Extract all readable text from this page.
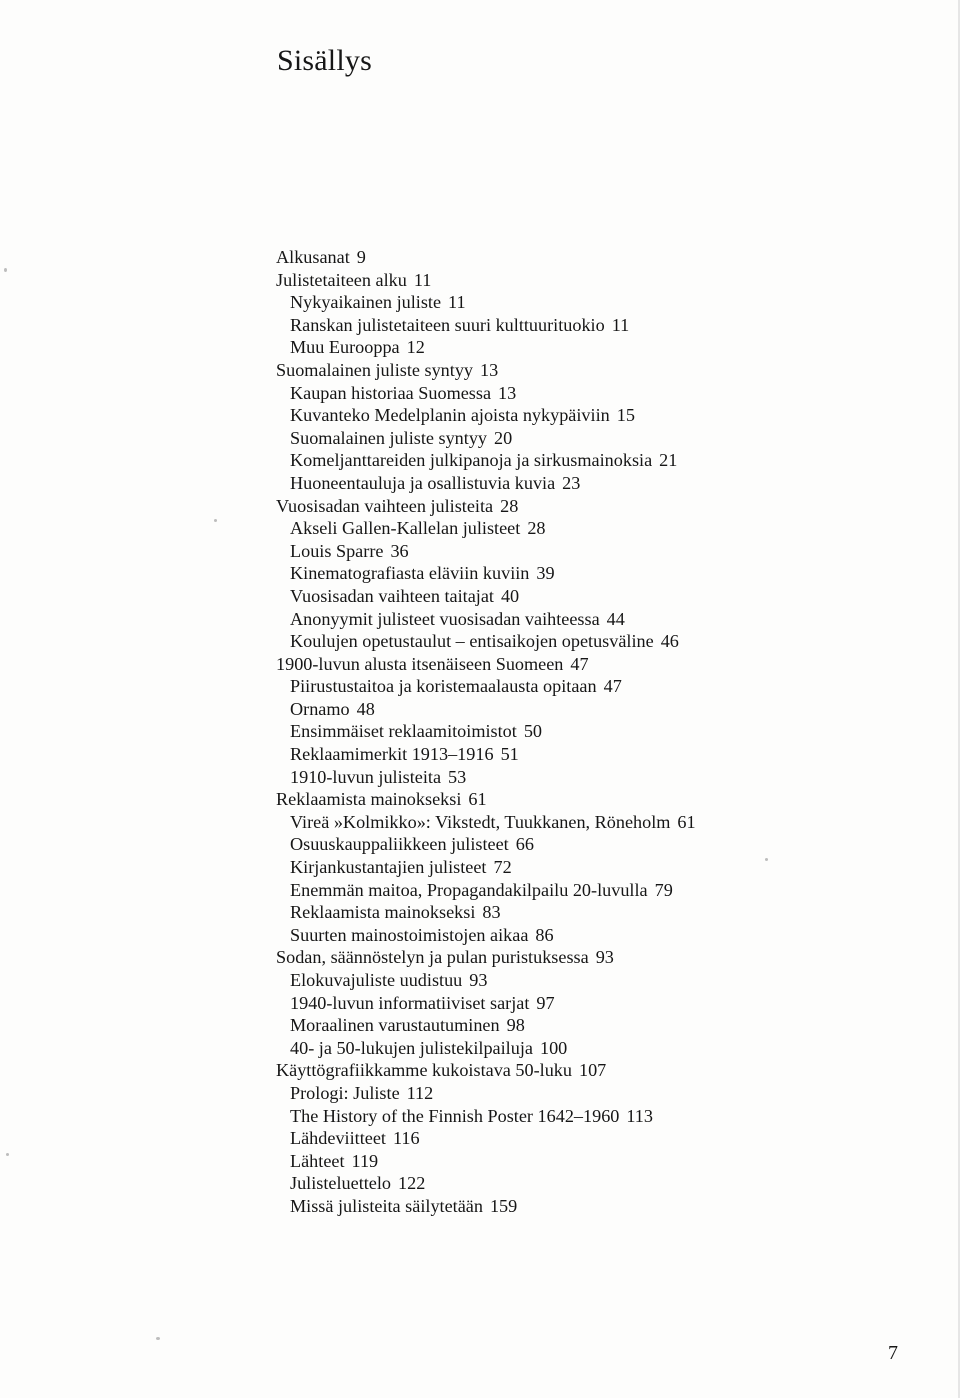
Sisällys
Alkusanat 9
Julistetaiteen alku 11
Nykyaikainen juliste 11
Ranskan julistetaiteen suuri kulttuurituokio 11
Muu Eurooppa 12
Suomalainen juliste syntyy 13
Kaupan historiaa Suomessa 13
Kuvanteko Medelplanin ajoista nykypäiviin 15
Suomalainen juliste syntyy 20
Komeljanttareiden julkipanoja ja sirkusmainoksia 21
Huoneentauluja ja osallistuvia kuvia 23
Vuosisadan vaihteen julisteita 28
Akseli Gallen-Kallelan julisteet 28
Louis Sparre 36
Kinematografiasta eläviin kuviin 39
Vuosisadan vaihteen taitajat 40
Anonyymit julisteet vuosisadan vaihteessa 44
Koulujen opetustaulut – entisaikojen opetusväline 46
1900-luvun alusta itsenäiseen Suomeen 47
Piirustustaitoa ja koristemaalausta opitaan 47
Ornamo 48
Ensimmäiset reklaamitoimistot 50
Reklaamimerkit 1913–1916 51
1910-luvun julisteita 53
Reklaamista mainokseksi 61
Vireä »Kolmikko»: Vikstedt, Tuukkanen, Röneholm 61
Osuuskauppaliikkeen julisteet 66
Kirjankustantajien julisteet 72
Enemmän maitoa, Propagandakilpailu 20-luvulla 79
Reklaamista mainokseksi 83
Suurten mainostoimistojen aikaa 86
Sodan, säännöstelyn ja pulan puristuksessa 93
Elokuvajuliste uudistuu 93
1940-luvun informatiiviset sarjat 97
Moraalinen varustautuminen 98
40- ja 50-lukujen julistekilpailuja 100
Käyttögrafiikkamme kukoistava 50-luku 107
Prologi: Juliste 112
The History of the Finnish Poster 1642–1960 113
Lähdeviitteet 116
Lähteet 119
Julisteluettelo 122
Missä julisteita säilytetään 159
7
